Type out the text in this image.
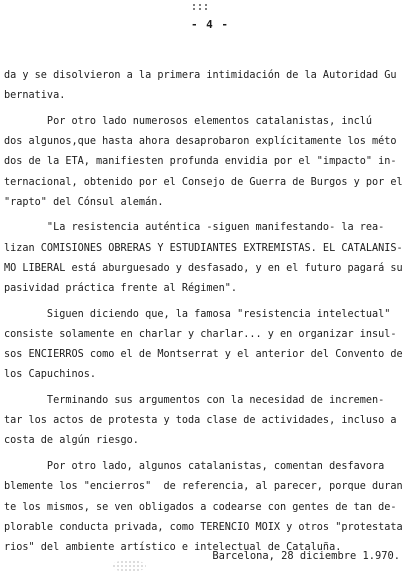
- 4 -

da y se disolvieron a la primera intimidación de la Autoridad Gu
bernativa.

Por otro lado numerosos elementos catalanistas, inclú
dos algunos,que hasta ahora desaprobaron explícitamente los méto
dos de la ETA, manifiesten profunda envidia por el "impacto" in-
ternacional, obtenido por el Consejo de Guerra de Burgos y por el
"rapto" del Cónsul alemán.

"La resistencia auténtica -siguen manifestando- la rea-
lizan COMISIONES OBRERAS Y ESTUDIANTES EXTREMISTAS. EL CATALANIS-
MO LIBERAL está aburguesado y desfasado, y en el futuro pagará su
pasividad práctica frente al Régimen".

Siguen diciendo que, la famosa "resistencia intelectual"
consiste solamente en charlar y charlar... y en organizar insul-
sos ENCIERROS como el de Montserrat y el anterior del Convento de
los Capuchinos.

Terminando sus argumentos con la necesidad de incremen-
tar los actos de protesta y toda clase de actividades, incluso a
costa de algún riesgo.

Por otro lado, algunos catalanistas, comentan desfavora
blemente los "encierros"  de referencia, al parecer, porque duran
te los mismos, se ven obligados a codearse con gentes de tan de-
plorable conducta privada, como TERENCIO MOIX y otros "protestata
rios" del ambiente artístico e intelectual de Cataluña.

Barcelona, 28 diciembre 1.970.
